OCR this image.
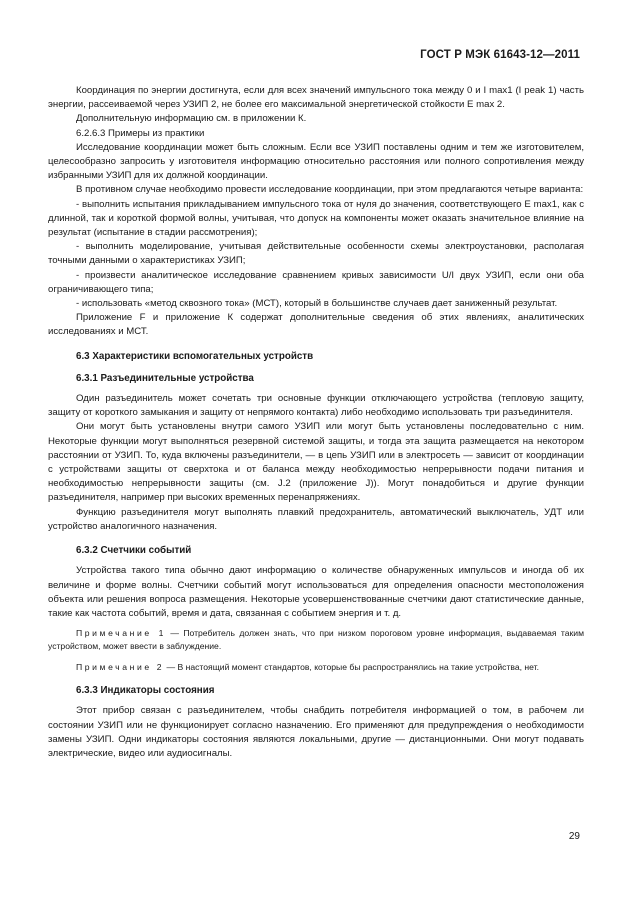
ГОСТ Р МЭК 61643-12—2011

Координация по энергии достигнута, если для всех значений импульсного тока между 0 и I max1 (I peak 1) часть энергии, рассеиваемой через УЗИП 2, не более его максимальной энергетической стойкости E max 2.

Дополнительную информацию см. в приложении К.

6.2.6.3 Примеры из практики

Исследование координации может быть сложным. Если все УЗИП поставлены одним и тем же изготовителем, целесообразно запросить у изготовителя информацию относительно расстояния или полного сопротивления между избранными УЗИП для их должной координации.

В противном случае необходимо провести исследование координации, при этом предлагаются четыре варианта:

- выполнить испытания прикладыванием импульсного тока от нуля до значения, соответствующего E max1, как с длинной, так и короткой формой волны, учитывая, что допуск на компоненты может оказать значительное влияние на результат (испытание в стадии рассмотрения);

- выполнить моделирование, учитывая действительные особенности схемы электроустановки, располагая точными данными о характеристиках УЗИП;

- произвести аналитическое исследование сравнением кривых зависимости U/I двух УЗИП, если они оба ограничивающего типа;

- использовать «метод сквозного тока» (МСТ), который в большинстве случаев дает заниженный результат.

Приложение F и приложение К содержат дополнительные сведения об этих явлениях, аналитических исследованиях и МСТ.

6.3 Характеристики вспомогательных устройств
6.3.1 Разъединительные устройства

Один разъединитель может сочетать три основные функции отключающего устройства (тепловую защиту, защиту от короткого замыкания и защиту от непрямого контакта) либо необходимо использовать три разъединителя.

Они могут быть установлены внутри самого УЗИП или могут быть установлены последовательно с ним. Некоторые функции могут выполняться резервной системой защиты, и тогда эта защита размещается на некотором расстоянии от УЗИП. То, куда включены разъединители, — в цепь УЗИП или в электросеть — зависит от координации с устройствами защиты от сверхтока и от баланса между необходимостью непрерывности подачи питания и необходимостью непрерывности защиты (см. J.2 (приложение J)). Могут понадобиться и другие функции разъединителя, например при высоких временных перенапряжениях.

Функцию разъединителя могут выполнять плавкий предохранитель, автоматический выключатель, УДТ или устройство аналогичного назначения.

6.3.2 Счетчики событий

Устройства такого типа обычно дают информацию о количестве обнаруженных импульсов и иногда об их величине и форме волны. Счетчики событий могут использоваться для определения опасности местоположения объекта или решения вопроса размещения. Некоторые усовершенствованные счетчики дают статистические данные, такие как частота событий, время и дата, связанная с событием энергия и т. д.

Примечание 1 — Потребитель должен знать, что при низком пороговом уровне информация, выдаваемая таким устройством, может ввести в заблуждение.

Примечание 2 — В настоящий момент стандартов, которые бы распространялись на такие устройства, нет.

6.3.3 Индикаторы состояния

Этот прибор связан с разъединителем, чтобы снабдить потребителя информацией о том, в рабочем ли состоянии УЗИП или не функционирует согласно назначению. Его применяют для предупреждения о необходимости замены УЗИП. Одни индикаторы состояния являются локальными, другие — дистанционными. Они могут подавать электрические, видео или аудиосигналы.

29
